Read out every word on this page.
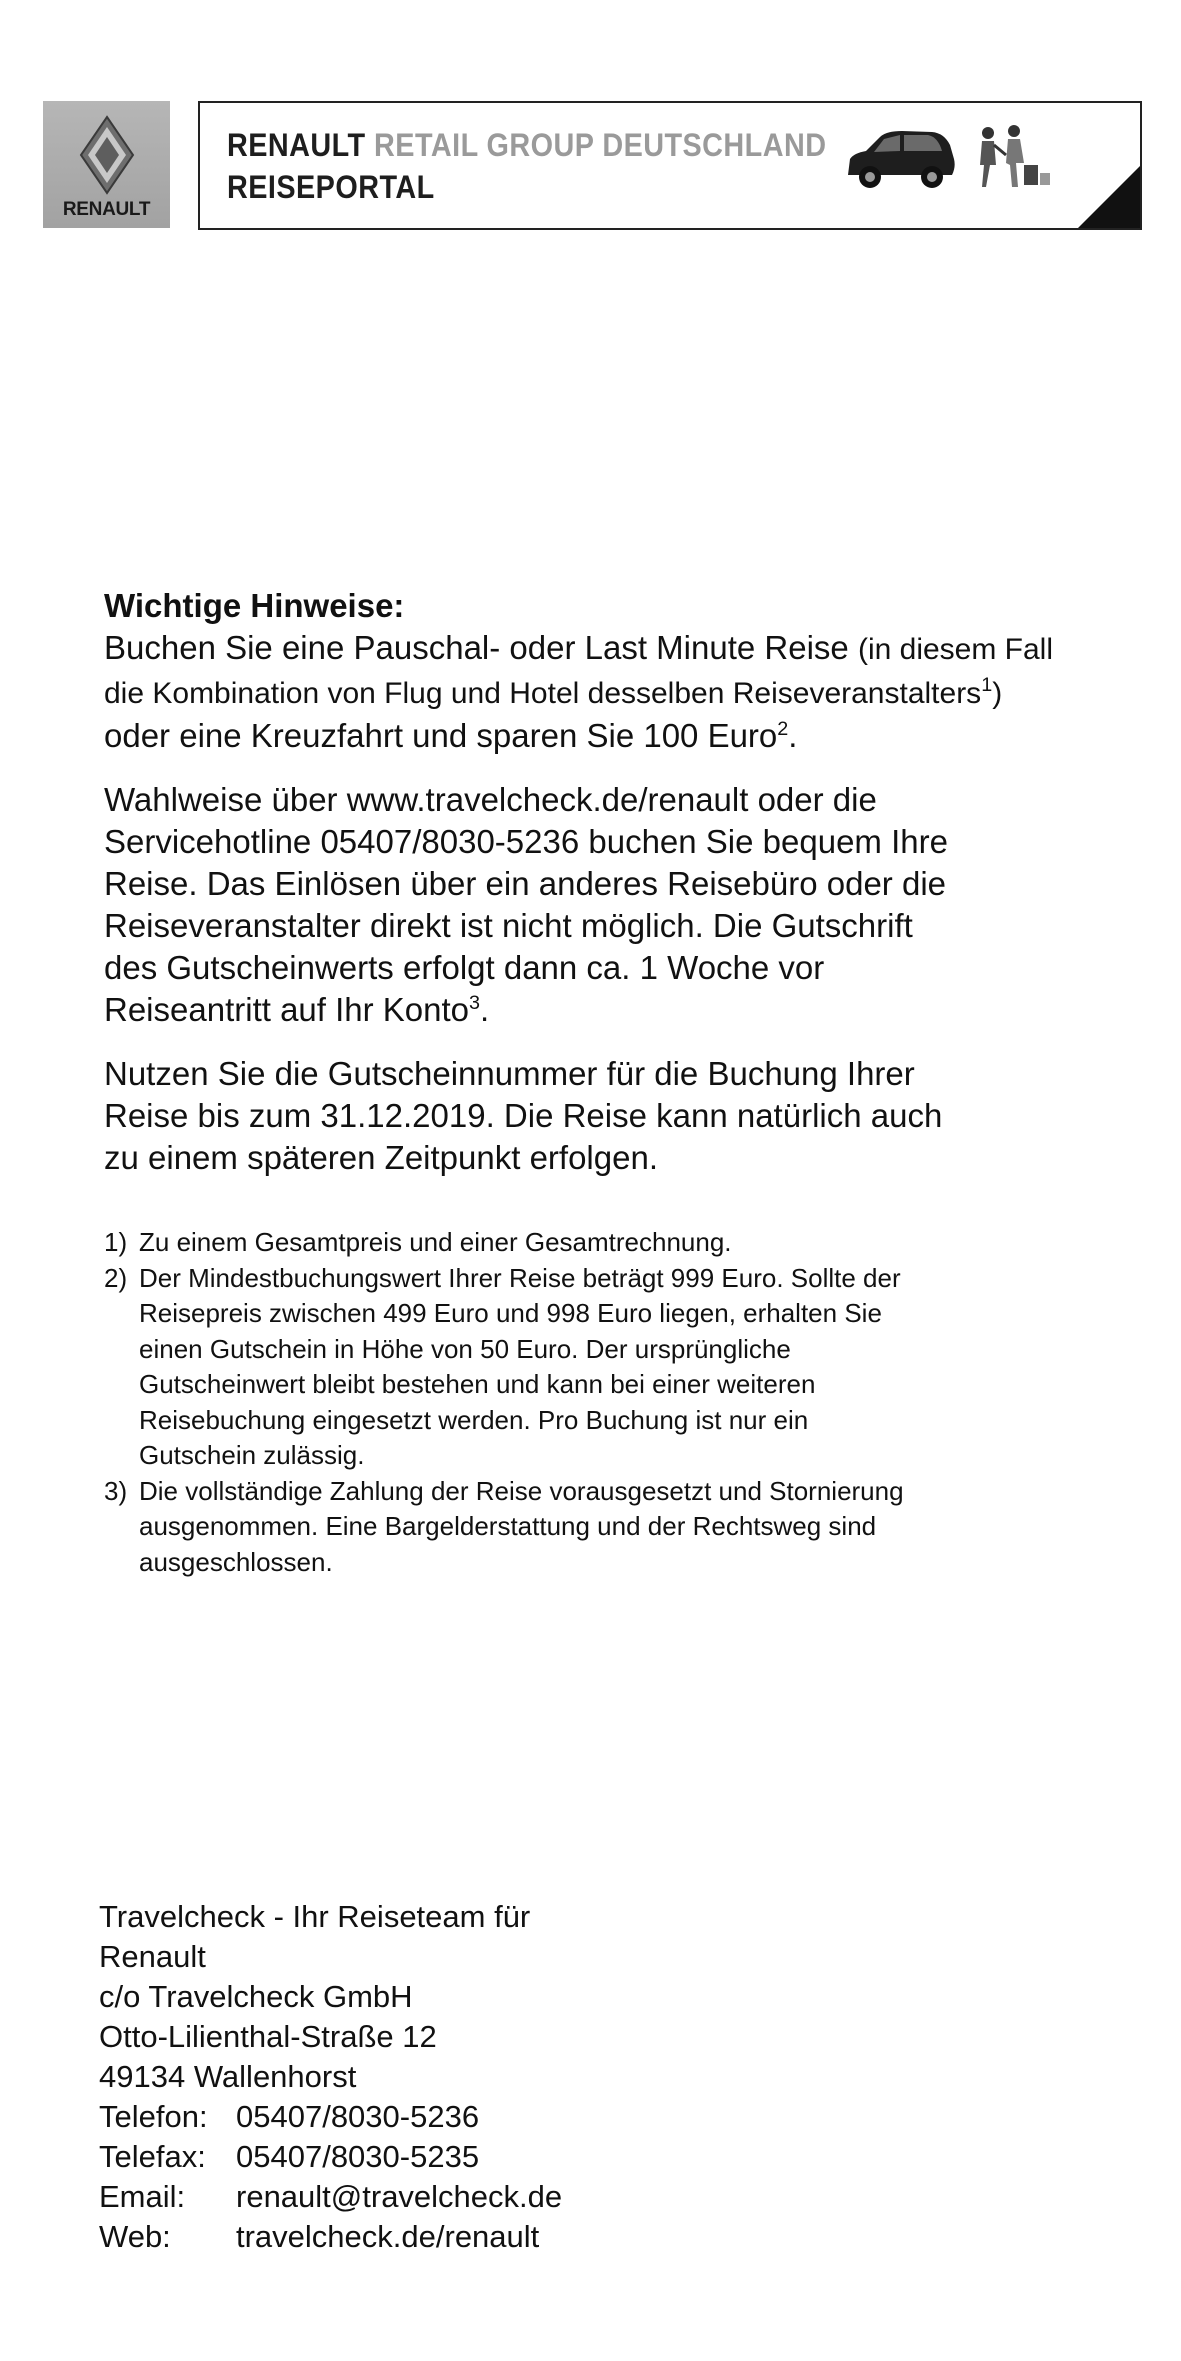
RENAULT
RENAULT RETAIL GROUP DEUTSCHLAND
REISEPORTAL

Wichtige Hinweise:

Buchen Sie eine Pauschal- oder Last Minute Reise (in diesem Fall
die Kombination von Flug und Hotel desselben Reiseveranstalters$^1$)
oder eine Kreuzfahrt und sparen Sie 100 Euro$^2$.

Wahlweise über www.travelcheck.de/renault oder die Servicehotline 05407/8030-5236 buchen Sie bequem Ihre Reise. Das Einlösen über ein anderes Reisebüro oder die Reiseveranstalter direkt ist nicht möglich. Die Gutschrift des Gutscheinwerts erfolgt dann ca. 1 Woche vor Reiseantritt auf Ihr Konto$^3$.

Nutzen Sie die Gutscheinnummer für die Buchung Ihrer Reise bis zum 31.12.2019. Die Reise kann natürlich auch zu einem späteren Zeitpunkt erfolgen.

1) Zu einem Gesamtpreis und einer Gesamtrechnung.
2) Der Mindestbuchungswert Ihrer Reise beträgt 999 Euro. Sollte der Reisepreis zwischen 499 Euro und 998 Euro liegen, erhalten Sie einen Gutschein in Höhe von 50 Euro. Der ursprüngliche Gutscheinwert bleibt bestehen und kann bei einer weiteren Reisebuchung eingesetzt werden. Pro Buchung ist nur ein Gutschein zulässig.
3) Die vollständige Zahlung der Reise vorausgesetzt und Stornierung ausgenommen. Eine Bargelderstattung und der Rechtsweg sind ausgeschlossen.
Travelcheck - Ihr Reiseteam für
Renault
c/o Travelcheck GmbH
Otto-Lilienthal-Straße 12
49134 Wallenhorst
Telefon: 05407/8030-5236
Telefax: 05407/8030-5235
Email:	renault@travelcheck.de
Web:	travelcheck.de/renault
